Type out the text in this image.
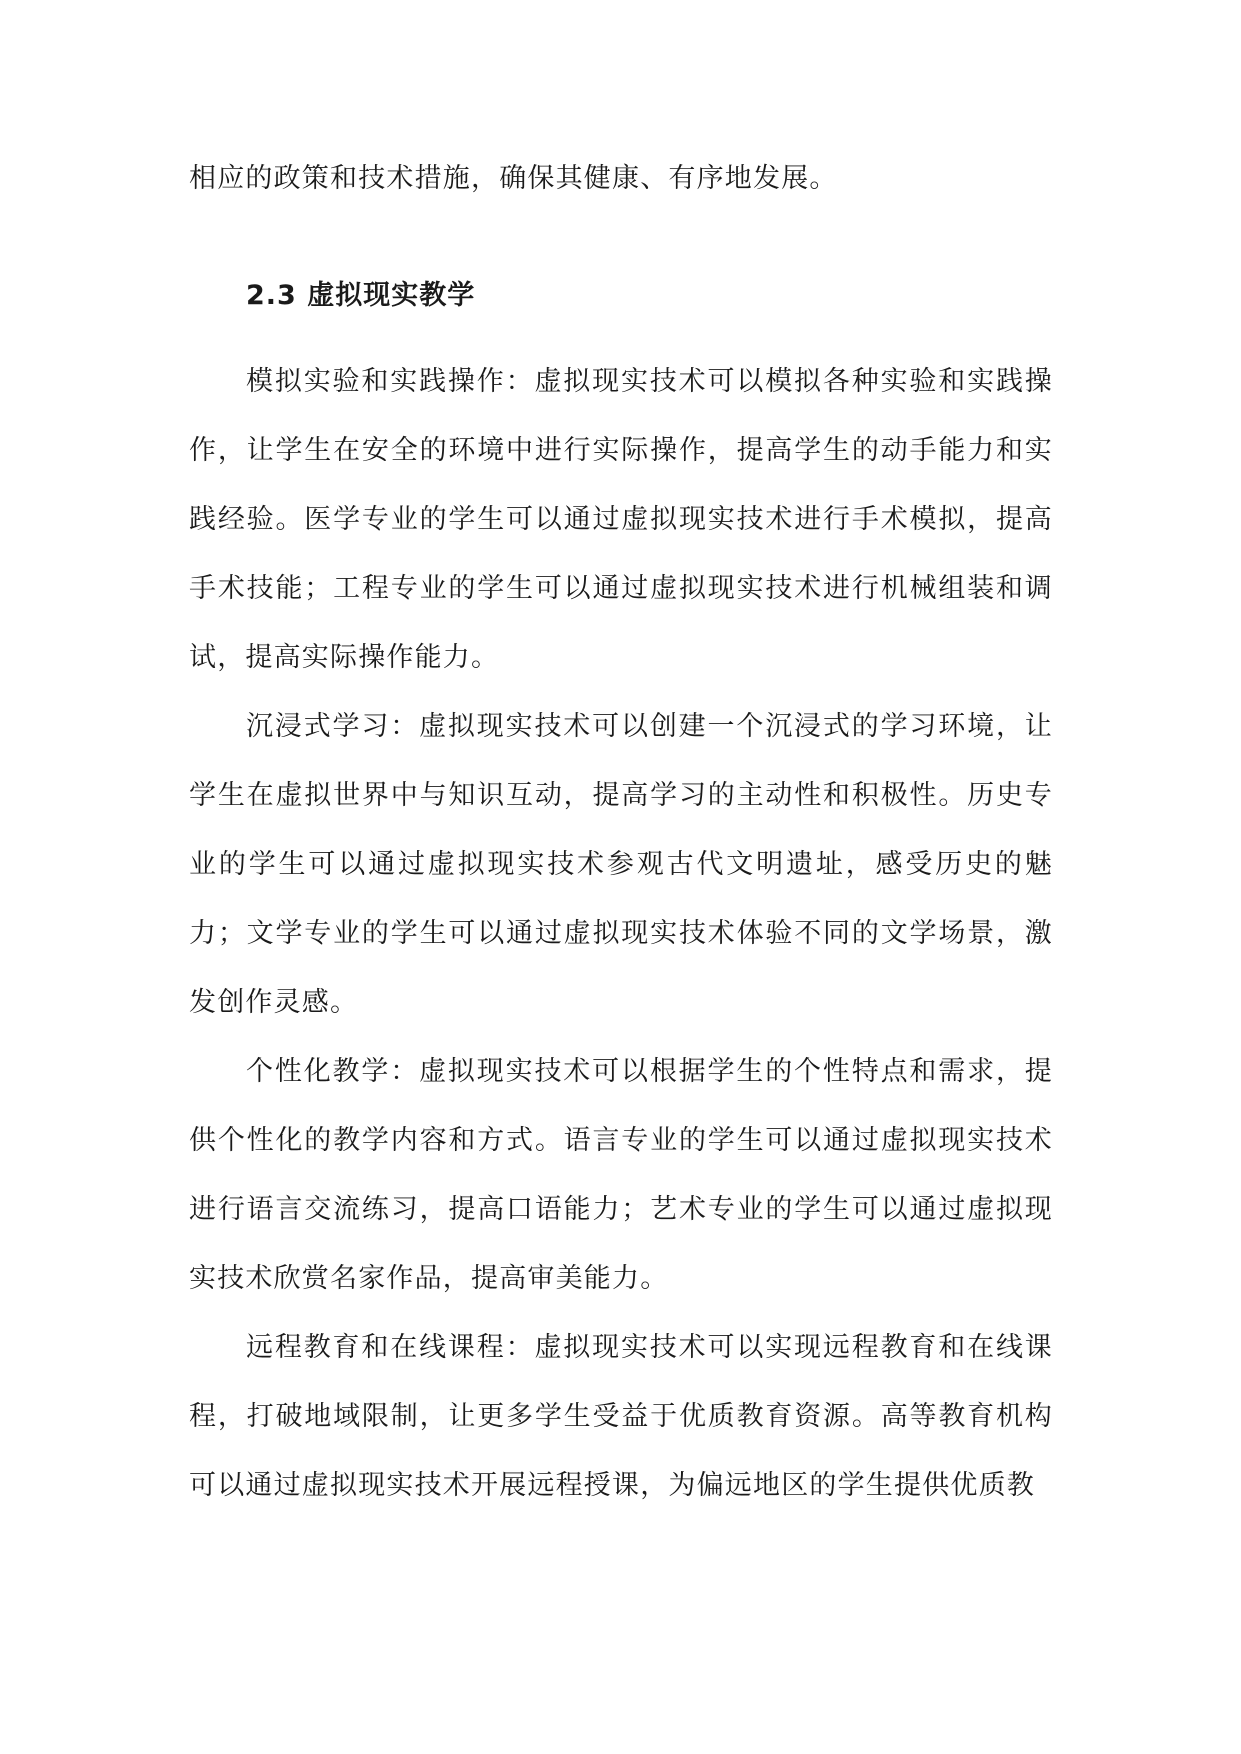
相应的政策和技术措施，确保其健康、有序地发展。

2.3 虚拟现实教学

模拟实验和实践操作：虚拟现实技术可以模拟各种实验和实践操作，让学生在安全的环境中进行实际操作，提高学生的动手能力和实践经验。医学专业的学生可以通过虚拟现实技术进行手术模拟，提高手术技能；工程专业的学生可以通过虚拟现实技术进行机械组装和调试，提高实际操作能力。

沉浸式学习：虚拟现实技术可以创建一个沉浸式的学习环境，让学生在虚拟世界中与知识互动，提高学习的主动性和积极性。历史专业的学生可以通过虚拟现实技术参观古代文明遗址，感受历史的魅力；文学专业的学生可以通过虚拟现实技术体验不同的文学场景，激发创作灵感。

个性化教学：虚拟现实技术可以根据学生的个性特点和需求，提供个性化的教学内容和方式。语言专业的学生可以通过虚拟现实技术进行语言交流练习，提高口语能力；艺术专业的学生可以通过虚拟现实技术欣赏名家作品，提高审美能力。

远程教育和在线课程：虚拟现实技术可以实现远程教育和在线课程，打破地域限制，让更多学生受益于优质教育资源。高等教育机构可以通过虚拟现实技术开展远程授课，为偏远地区的学生提供优质教
